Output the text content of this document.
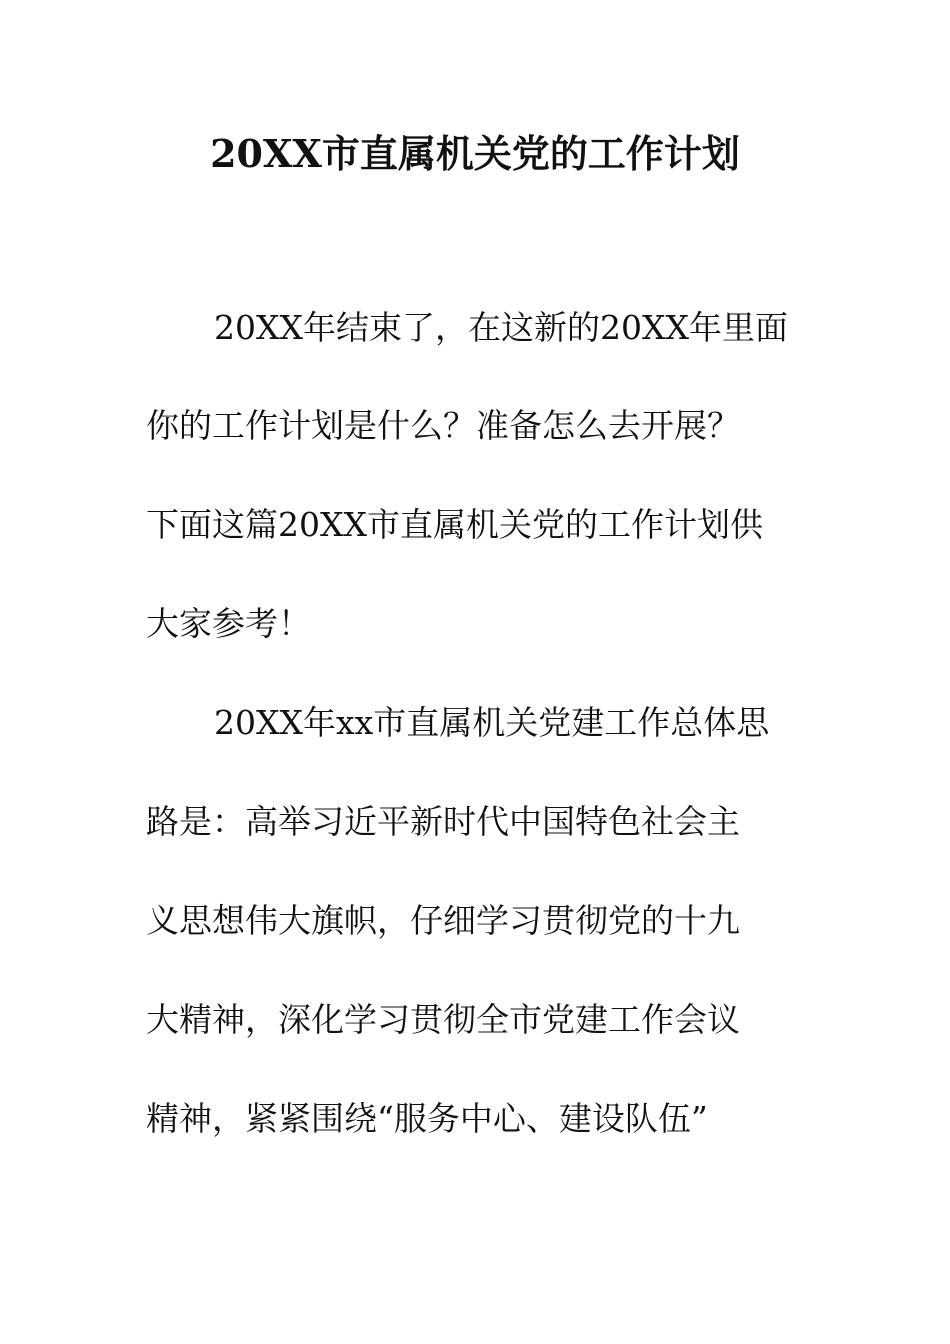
20XX市直属机关党的工作计划

20XX年结束了，在这新的20XX年里面

你的工作计划是什么？准备怎么去开展？

下面这篇20XX市直属机关党的工作计划供

大家参考！

20XX年xx市直属机关党建工作总体思

路是：高举习近平新时代中国特色社会主

义思想伟大旗帜，仔细学习贯彻党的十九

大精神，深化学习贯彻全市党建工作会议

精神，紧紧围绕“服务中心、建设队伍”
